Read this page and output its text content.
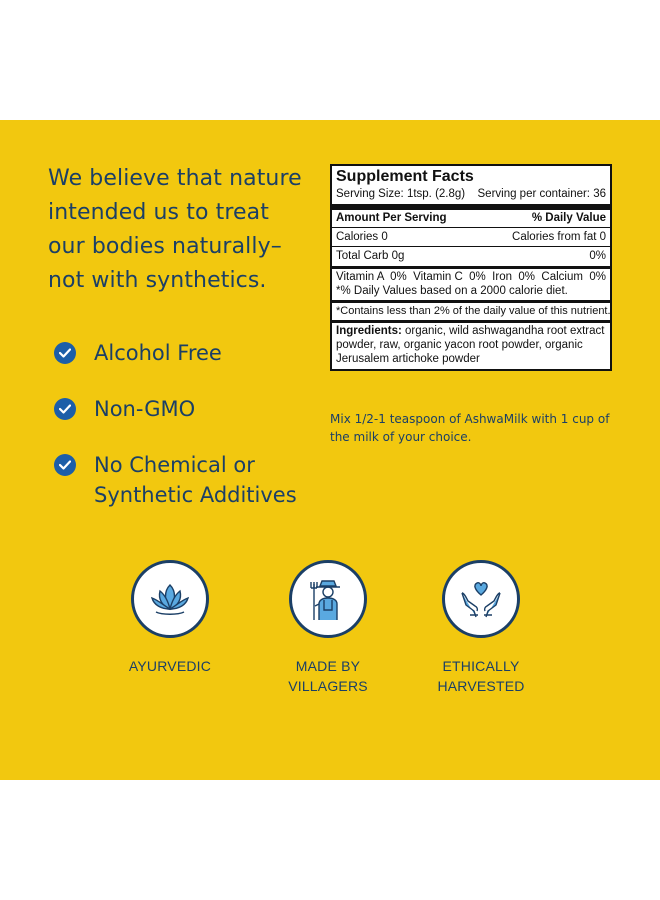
We believe that nature
intended us to treat
our bodies naturally–
not with synthetics.
Alcohol Free
Non-GMO
No Chemical or
Synthetic Additives
Supplement Facts
Serving Size: 1tsp. (2.8g) Serving per container: 36
Amount Per Serving	% Daily Value
Calories 0	Calories from fat 0
Total Carb 0g	0%
Vitamin A  0%  Vitamin C  0%  Iron  0%  Calcium  0%
*% Daily Values based on a 2000 calorie diet.
*Contains less than 2% of the daily value of this nutrient.
Ingredients: organic, wild ashwagandha root extract powder, raw, organic yacon root powder, organic Jerusalem artichoke powder
Mix 1/2-1 teaspoon of AshwaMilk with 1 cup of the milk of your choice.
AYURVEDIC	MADE BY
VILLAGERS
ETHICALLY
HARVESTED
